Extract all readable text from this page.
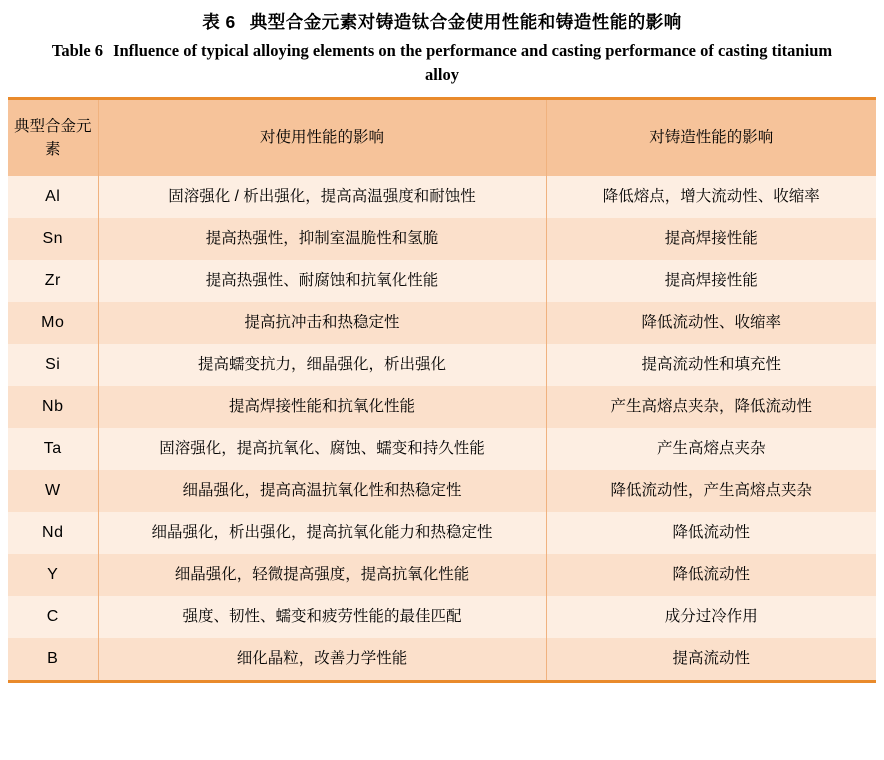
表 6 典型合金元素对铸造钛合金使用性能和铸造性能的影响
Table 6 Influence of typical alloying elements on the performance and casting performance of casting titanium alloy
典型合金元素	对使用性能的影响	对铸造性能的影响
Al	固溶强化 / 析出强化，提高高温强度和耐蚀性	降低熔点，增大流动性、收缩率
Sn	提高热强性，抑制室温脆性和氢脆	提高焊接性能
Zr	提高热强性、耐腐蚀和抗氧化性能	提高焊接性能
Mo	提高抗冲击和热稳定性	降低流动性、收缩率
Si	提高蠕变抗力，细晶强化，析出强化	提高流动性和填充性
Nb	提高焊接性能和抗氧化性能	产生高熔点夹杂，降低流动性
Ta	固溶强化，提高抗氧化、腐蚀、蠕变和持久性能	产生高熔点夹杂
W	细晶强化，提高高温抗氧化性和热稳定性	降低流动性，产生高熔点夹杂
Nd	细晶强化，析出强化，提高抗氧化能力和热稳定性	降低流动性
Y	细晶强化，轻微提高强度，提高抗氧化性能	降低流动性
C	强度、韧性、蠕变和疲劳性能的最佳匹配	成分过冷作用
B	细化晶粒，改善力学性能	提高流动性
